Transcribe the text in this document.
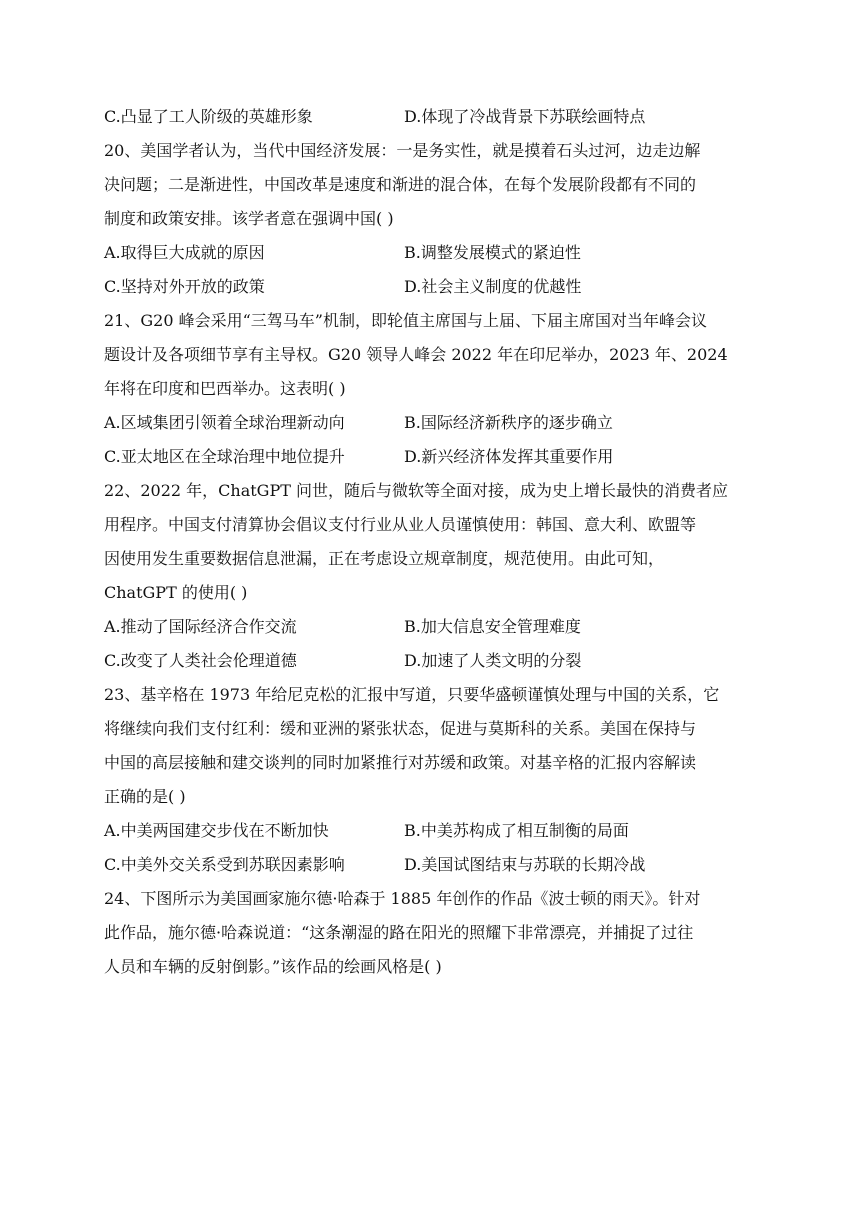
C.凸显了工人阶级的英雄形象	D.体现了冷战背景下苏联绘画特点
20、美国学者认为，当代中国经济发展：一是务实性，就是摸着石头过河，边走边解
决问题；二是渐进性，中国改革是速度和渐进的混合体，在每个发展阶段都有不同的
制度和政策安排。该学者意在强调中国( )
A.取得巨大成就的原因	B.调整发展模式的紧迫性
C.坚持对外开放的政策	D.社会主义制度的优越性
21、G20 峰会采用“三驾马车”机制，即轮值主席国与上届、下届主席国对当年峰会议
题设计及各项细节享有主导权。G20 领导人峰会 2022 年在印尼举办，2023 年、2024
年将在印度和巴西举办。这表明( )
A.区域集团引领着全球治理新动向	B.国际经济新秩序的逐步确立
C.亚太地区在全球治理中地位提升	D.新兴经济体发挥其重要作用
22、2022 年，ChatGPT 问世，随后与微软等全面对接，成为史上增长最快的消费者应
用程序。中国支付清算协会倡议支付行业从业人员谨慎使用：韩国、意大利、欧盟等
因使用发生重要数据信息泄漏，正在考虑设立规章制度，规范使用。由此可知，
ChatGPT 的使用( )
A.推动了国际经济合作交流	B.加大信息安全管理难度
C.改变了人类社会伦理道德	D.加速了人类文明的分裂
23、基辛格在 1973 年给尼克松的汇报中写道，只要华盛顿谨慎处理与中国的关系，它
将继续向我们支付红利：缓和亚洲的紧张状态，促进与莫斯科的关系。美国在保持与
中国的高层接触和建交谈判的同时加紧推行对苏缓和政策。对基辛格的汇报内容解读
正确的是( )
A.中美两国建交步伐在不断加快	B.中美苏构成了相互制衡的局面
C.中美外交关系受到苏联因素影响	D.美国试图结束与苏联的长期冷战
24、下图所示为美国画家施尔德·哈森于 1885 年创作的作品《波士顿的雨天》。针对
此作品，施尔德·哈森说道：“这条潮湿的路在阳光的照耀下非常漂亮，并捕捉了过往
人员和车辆的反射倒影。”该作品的绘画风格是( )
